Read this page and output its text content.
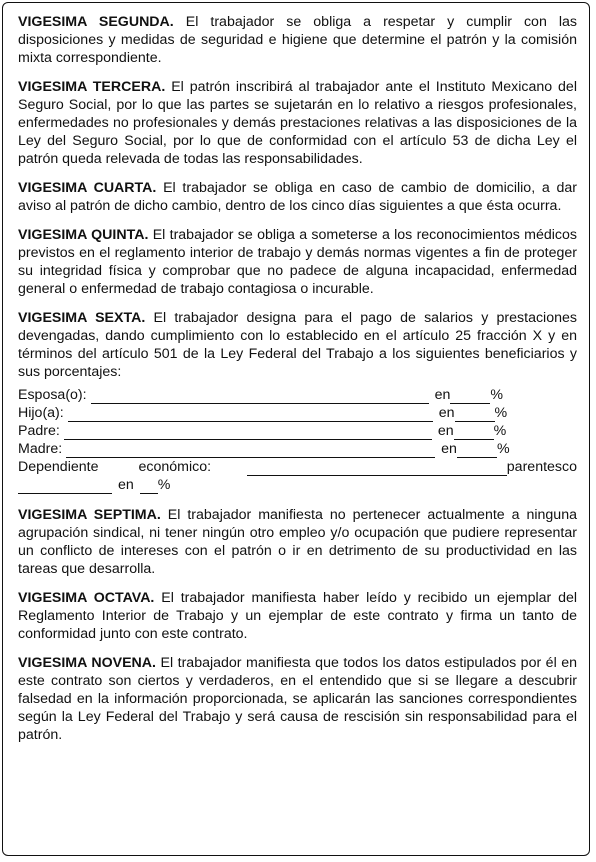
VIGESIMA SEGUNDA. El trabajador se obliga a respetar y cumplir con las disposiciones y medidas de seguridad e higiene que determine el patrón y la comisión mixta correspondiente.

VIGESIMA TERCERA. El patrón inscribirá al trabajador ante el Instituto Mexicano del Seguro Social, por lo que las partes se sujetarán en lo relativo a riesgos profesionales, enfermedades no profesionales y demás prestaciones relativas a las disposiciones de la Ley del Seguro Social, por lo que de conformidad con el artículo 53 de dicha Ley el patrón queda relevada de todas las responsabilidades.

VIGESIMA CUARTA. El trabajador se obliga en caso de cambio de domicilio, a dar aviso al patrón de dicho cambio, dentro de los cinco días siguientes a que ésta ocurra.

VIGESIMA QUINTA. El trabajador se obliga a someterse a los reconocimientos médicos previstos en el reglamento interior de trabajo y demás normas vigentes a fin de proteger su integridad física y comprobar que no padece de alguna incapacidad, enfermedad general o enfermedad de trabajo contagiosa o incurable.

VIGESIMA SEXTA. El trabajador designa para el pago de salarios y prestaciones devengadas, dando cumplimiento con lo establecido en el artículo 25 fracción X y en términos del artículo 501 de la Ley Federal del Trabajo a los siguientes beneficiarios y sus porcentajes:

Esposa(o):	en	%
Hijo(a):	en	%
Padre:	en	%
Madre:	en	%
Dependiente	económico:	parentesco
en %

VIGESIMA SEPTIMA. El trabajador manifiesta no pertenecer actualmente a ninguna agrupación sindical, ni tener ningún otro empleo y/o ocupación que pudiere representar un conflicto de intereses con el patrón o ir en detrimento de su productividad en las tareas que desarrolla.

VIGESIMA OCTAVA. El trabajador manifiesta haber leído y recibido un ejemplar del Reglamento Interior de Trabajo y un ejemplar de este contrato y firma un tanto de conformidad junto con este contrato.

VIGESIMA NOVENA. El trabajador manifiesta que todos los datos estipulados por él en este contrato son ciertos y verdaderos, en el entendido que si se llegare a descubrir falsedad en la información proporcionada, se aplicarán las sanciones correspondientes según la Ley Federal del Trabajo y será causa de rescisión sin responsabilidad para el patrón.
